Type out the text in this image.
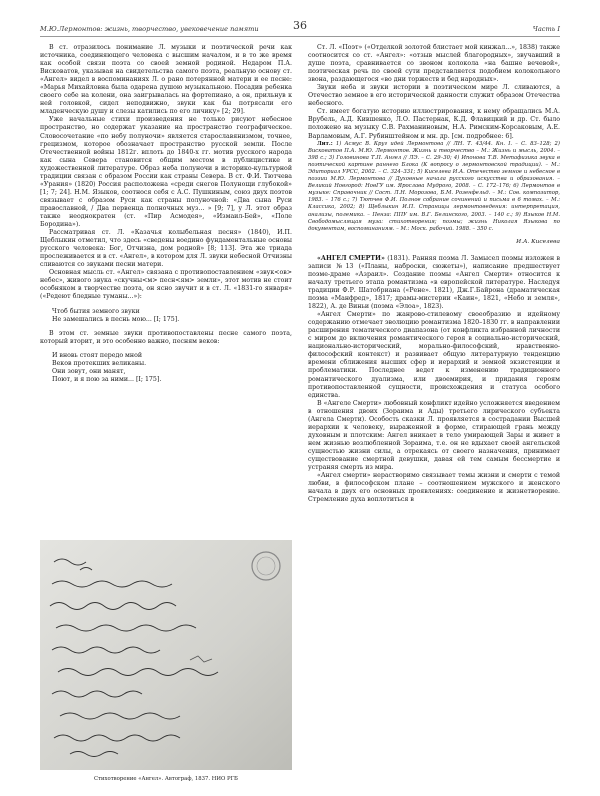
М.Ю.Лермонтов: жизнь, творчество, увековечение памяти	36	Часть I

В ст. отразилось понимание Л. музыки и поэтической речи как источника, соединяющего человека с высшим началом, и в то же время как особой связи поэта со своей земной родиной. Недаром П.А. Висковатов, указывая на свидетельства самого поэта, реальную основу ст. «Ангел» видел в воспоминаниях Л. о рано потерянной матери и ее песне: «Марья Михайловна была одарена душою музыкальною. Посадив ребенка своего себе на колени, она заигрывалась на фортепиано, а он, прильнув к ней головкой, сидел неподвижно, звуки как бы потрясали его младенческую душу и слезы катились по его личику» [2; 29].

Уже начальные стихи произведения не только рисуют небесное пространство, но содержат указание на пространство географическое. Словосочетание «по небу полуночи» является старославянизмом, точнее, грецизмом, которое обозначает пространство русской земли. После Отечественной войны 1812г. вплоть до 1840-х гг. мотив русского народа как сына Севера становится общим местом в публицистике и художественной литературе. Образ неба полуночи в историко-культурной традиции связан с образом России как страны Севера. В ст. Ф.И. Тютчева «Урания» (1820) Россия расположена «среди снегов Полунощи глубокой» [1; 7; 24]. Н.М. Языков, соотнося себя с А.С. Пушкиным, союз двух поэтов связывает с образом Руси как страны полуночной: «Два сына Руси православной, / Два первенца полночных муз... » [9; 7], у Л. этот образ также неоднократен (ст. «Пир Асмодея», «Измаил-Бей», «Поле Бородина»).

Рассматривая ст. Л. «Казачья колыбельная песня» (1840), И.П. Щеблыкин отметил, что здесь «сведены воедино фундаментальные основы русского человека: Бог, Отчизна, дом родной» [8; 113]. Эта же триада прослеживается и в ст. «Ангел», в котором для Л. звуки небесной Отчизны сливаются со звуками песни матери.

Основная мысль ст. «Ангел» связана с противопоставлением «звук<ов> небес», живого звука «скучны<м> песн<ям> земли», этот мотив не стоит особняком в творчестве поэта, он ясно звучит и в ст. Л. «1831-го января» («Редеют бледные туманы...»):

Чтоб бытия земного звуки
Не замешались в песнь мою... [I; 175].

В этом ст. земные звуки противопоставлены песне самого поэта, который вторит, и это особенно важно, песням веков:

И вновь стоят передо мной
Веков протекших великаны.
Они зовут, они манят,
Поют, и я пою за ними... [I; 175].
Стихотворение «Ангел». Автограф, 1837. НИО РГБ

Ст. Л. «Поэт» («Отделкой золотой блистает мой кинжал...», 1838) также соотносится со ст. «Ангел»: «отзыв мыслей благородных», звучавший в душе поэта, сравнивается со звоном колокола «на башне вечевой», поэтическая речь по своей сути представляется подобием колокольного звона, раздающегося «во дни торжеств и бед народных».

Звуки неба и звуки истории в поэтическом мире Л. сливаются, а Отечество земное в его исторической данности служит образом Отечества небесного.

Ст. имеет богатую историю иллюстрирования, к нему обращались М.А. Врубель, А.Д. Кившенко, Л.О. Пастернак, К.Д. Флавицкий и др. Ст. было положено на музыку С.В. Рахманиновым, Н.А. Римским-Корсаковым, А.Е. Варламовым, А.Г. Рубинштейном и мн. др. [см. подробнее: 6].

Лит.: 1) Асмус В. Круг идей Лермонтова // ЛН. Т. 43/44. Кн. I. – С. 83–128; 2) Висковатов П.А. М.Ю. Лермонтов. Жизнь и творчество – М.: Жизнь и мысль, 2004. – 398 с.; 3) Головинова Т.П. Ангел // ЛЭ. – С. 29–30; 4) Ипонова Т.В. Метафизика звука в поэтической картине раннего Блока (К вопросу о лермонтовской традиции). – М.: Эдиториал УРСС, 2002. – С. 324–331; 5) Киселева И.А. Отечество земное и небесное в поэзии М.Ю. Лермонтова // Духовные начала русского искусства и образования. – Великий Новгород: НовГУ им. Ярослава Мудрого, 2008. – С. 172–176; 6) Лермонтов в музыке: Справочник // Сост. Л.Н. Морозова, Б.М. Розенфельд. – М.: Сов. композитор, 1983. – 176 с.; 7) Тютчев Ф.И. Полное собрание сочинений и письма в 6 томах. – М.: Классика, 2002; 8) Щеблыкин И.П. Страницы лермонтоведения: интерпретация, анализы, полемика. – Пенза: ППУ им. В.Г. Белинского, 2003. – 140 с.; 9) Языков Н.М. Свободомыслящая муза: стихотворения; поэмы; жизнь Николая Языкова по документам, воспоминаниям. – М.: Моск. рабочий. 1988. – 350 с.

И.А. Киселева

«АНГЕЛ СМЕРТИ» (1831). Ранняя поэма Л. Замысел поэмы изложен в записи №13 («Планы, наброски, сюжеты»), написание предшествует поэме-драме «Азраил». Создание поэмы «Ангел Смерти» относится к началу третьего этапа романтизма «в европейской литературе. Наследуя традиции Ф.Р. Шатобриана («Рене». 1821), Дж.Г.Байрона (драматическая поэма «Манфред», 1817; драмы-мистерии «Каин», 1821, «Небо и земля», 1822), А. де Виньи (поэма «Элоа», 1823).

«Ангел Смерти» по жанрово-стилевому своеобразию и идейному содержанию отмечает эволюцию романтизма 1820–1830 гг. в направлении расширения тематического диапазона (от конфликта избранной личности с миром до включения романтического героя в социально-исторический, национально-исторический, морально-философский, нравственно-философский контекст) и развивает общую литературную тенденцию времени сближения высших сфер и иерархий и земной экзистенции и проблематики. Последнее ведет к изменению традиционного романтического дуализма, или двоемирия, и придания героям противопоставленной сущности, происхождения и статуса особого единства.

В «Ангеле Смерти» любовный конфликт идейно усложняется введением в отношения двоих (Зораима и Ады) третьего лирического субъекта (Ангела Смерти). Особость сказки Л. проявляется в сострадании Высшей иерархии к человеку, выраженной в форме, стирающей грань между духовным и плотским: Ангел вникает в тело умирающей Зары и живет в нем жизнью возлюбленной Зораима, т.е. он не вдыхает своей ангельской сущностью жизни силы, а отрекаясь от своего назначения, принимает существование смертной девушки, давая ей тем самым бессмертие и устраняя смерть из мира.

«Ангел смерти» нерастворимо связывает темы жизни и смерти с темой любви, в философском плане – соотношением мужского и женского начала в двух его основных проявлениях: соединение и жизнетворение. Стремление духа воплотиться в
